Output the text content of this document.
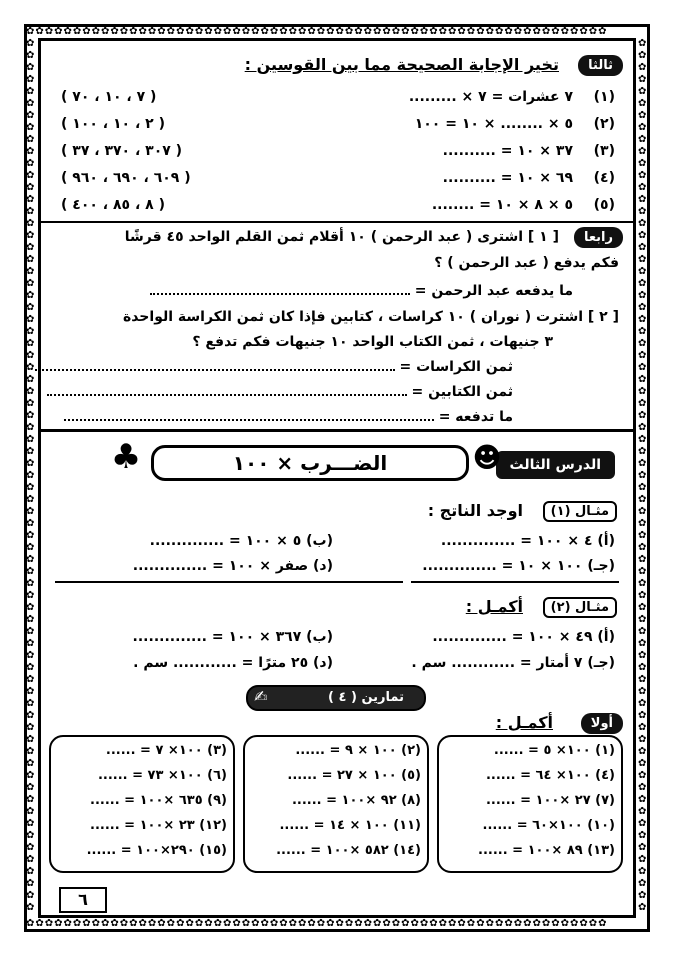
✿✿✿✿✿✿✿✿✿✿✿✿✿✿✿✿✿✿✿✿✿✿✿✿✿✿✿✿✿✿✿✿✿✿✿✿✿✿✿✿✿✿✿✿✿✿✿✿✿✿✿✿✿✿✿✿✿✿✿✿✿✿
✿✿✿✿✿✿✿✿✿✿✿✿✿✿✿✿✿✿✿✿✿✿✿✿✿✿✿✿✿✿✿✿✿✿✿✿✿✿✿✿✿✿✿✿✿✿✿✿✿✿✿✿✿✿✿✿✿✿✿✿✿✿
✿✿✿✿✿✿✿✿✿✿✿✿✿✿✿✿✿✿✿✿✿✿✿✿✿✿✿✿✿✿✿✿✿✿✿✿✿✿✿✿✿✿✿✿✿✿✿✿✿✿✿✿✿✿✿✿✿✿✿✿✿✿✿✿✿✿✿✿✿✿✿✿✿
✿✿✿✿✿✿✿✿✿✿✿✿✿✿✿✿✿✿✿✿✿✿✿✿✿✿✿✿✿✿✿✿✿✿✿✿✿✿✿✿✿✿✿✿✿✿✿✿✿✿✿✿✿✿✿✿✿✿✿✿✿✿✿✿✿✿✿✿✿✿✿✿✿
ثالثا
تخير الإجابة الصحيحة مما بين القوسين :
(١)
٧ عشرات = ٧ × .........
( ٧ ، ١٠ ، ٧٠ )
(٢)
٥ × ........ × ١٠ = ١٠٠
( ٢ ، ١٠ ، ١٠٠ )
(٣)
٣٧ × ١٠ = ..........
( ٣٠٧ ، ٣٧٠ ، ٣٧ )
(٤)
٦٩ × ١٠ = ..........
( ٦٠٩ ، ٦٩٠ ، ٩٦٠ )
(٥)
٥ × ٨ × ١٠ = ........
( ٨ ، ٨٥ ، ٤٠٠ )
رابعا
[ ١ ] اشترى ( عبد الرحمن ) ١٠ أقلام ثمن القلم الواحد ٤٥ قرشًا
فكم يدفع ( عبد الرحمن ) ؟
ما يدفعه عبد الرحمن =
[ ٢ ] اشترت ( نوران ) ١٠ كراسات ، كتابين فإذا كان ثمن الكراسة الواحدة
٣ جنيهات ، ثمن الكتاب الواحد ١٠ جنيهات فكم تدفع ؟
ثمن الكراسات =
ثمن الكتابين =
ما تدفعه =
الدرس الثالث
☻
الضـــرب × ١٠٠
♣
مثـال (١)
اوجد الناتج :
(أ) ٤ × ١٠٠ = ..............
(ب) ٥ × ١٠٠ = ..............
(جـ) ١٠٠ × ١٠ = ..............
(د) صفر × ١٠٠ = ..............
مثـال (٢)
أكمـل :
(أ) ٤٩ × ١٠٠ = ..............
(ب) ٣٦٧ × ١٠٠ = ..............
(جـ) ٧ أمتار = ............ سم .
(د) ٢٥ مترًا = ............ سم .
✍	تمارين ( ٤ )
أولا
أكمـل :
(١) ١٠٠× ٥ = ......
(٤) ١٠٠× ٦٤ = ......
(٧) ٢٧ ×١٠٠ = ......
(١٠) ١٠٠×٦٠ = ......
(١٣) ٨٩ ×١٠٠ = ......
(٢) ١٠٠ × ٩ = ......
(٥) ١٠٠ × ٢٧ = ......
(٨) ٩٢ ×١٠٠ = ......
(١١) ١٠٠ × ١٤ = ......
(١٤) ٥٨٢ ×١٠٠ = ......
(٣) ١٠٠× ٧ = ......
(٦) ١٠٠× ٧٣ = ......
(٩) ٦٣٥ ×١٠٠ = ......
(١٢) ٢٣ ×١٠٠ = ......
(١٥) ٢٩٠×١٠٠ = ......
٦
